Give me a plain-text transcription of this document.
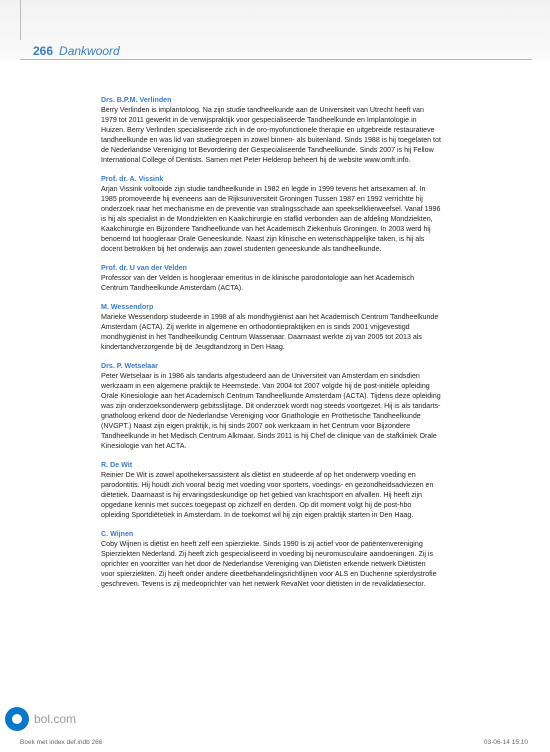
266 Dankwoord
Drs. B.P.M. Verlinden
Berry Verlinden is implantoloog. Na zijn studie tandheelkunde aan de Universiteit van Utrecht heeft van 1979 tot 2011 gewerkt in de verwijspraktijk voor gespecialiseerde Tandheelkunde en Implantologie in Huizen. Berry Verlinden specialiseerde zich in de oro-myofunctionele therapie en uitgebreide restauratieve tandheelkunde en was lid van studiegroepen in zowel binnen- als buitenland. Sinds 1988 is hij toegelaten tot de Nederlandse Vereniging tot Bevordering der Gespecialiseerde Tandheelkunde. Sinds 2007 is hij Fellow International College of Dentists. Samen met Peter Helderop beheert hij de website www.omft.info.
Prof. dr. A. Vissink
Arjan Vissink voltooide zijn studie tandheelkunde in 1982 en legde in 1999 tevens het artsexamen af. In 1985 promoveerde hij eveneens aan de Rijksuniversiteit Groningen Tussen 1987 en 1992 verrichtte hij onderzoek naar het mechanisme en de preventie van stralingsschade aan speekselklierweefsel. Vanaf 1996 is hij als specialist in de Mondziekten en Kaakchirurgie en staflid verbonden aan de afdeling Mondziekten, Kaakchirurgie en Bijzondere Tandheelkunde van het Academisch Ziekenhuis Groningen. In 2003 werd hij benoemd tot hoogleraar Orale Geneeskunde. Naast zijn klinische en wetenschappelijke taken, is hij als docent betrokken bij het onderwijs aan zowel studenten geneeskunde als tandheelkunde.
Prof. dr. U van der Velden
Professor van der Velden is hoogleraar emeritus in de klinische parodontologie aan het Academisch Centrum Tandheelkunde Amsterdam (ACTA).
M. Wessendorp
Marieke Wessendorp studeerde in 1998 af als mondhygiënist aan het Academisch Centrum Tandheelkunde Amsterdam (ACTA). Zij werkte in algemene en orthodontiepraktijken en is sinds 2001 vrijgevestigd mondhygiënist in het Tandheelkundig Centrum Wassenaar. Daarnaast werkte zij van 2005 tot 2013 als kindertandverzorgende bij de Jeugdtandzorg in Den Haag.
Drs. P. Wetselaar
Peter Wetselaar is in 1986 als tandarts afgestudeerd aan de Universiteit van Amsterdam en sindsdien werkzaam in een algemene praktijk te Heemstede. Van 2004 tot 2007 volgde hij de post-initiële opleiding Orale Kinesiologie aan het Academisch Centrum Tandheelkunde Amsterdam (ACTA). Tijdens deze opleiding was zijn onderzoeksonderwerp gebitsslijtage. Dit onderzoek wordt nog steeds voortgezet. Hij is als tandarts-gnatholoog erkend door de Nederlandse Vereniging voor Gnathologie en Prothetische Tandheelkunde (NVGPT.) Naast zijn eigen praktijk, is hij sinds 2007 ook werkzaam in het Centrum voor Bijzondere Tandheelkunde in het Medisch Centrum Alkmaar. Sinds 2011 is hij Chef de clinique van de stafkliniek Orale Kinesiologie van het ACTA.
R. De Wit
Reinier De Wit is zowel apothekersassistent als diëtist en studeerde af op het onderwerp voeding en parodontitis. Hij houdt zich vooral bezig met voeding voor sporters, voedings- en gezondheidsadviezen en diëtetiek. Daarnaast is hij ervaringsdeskundige op het gebied van krachtsport en afvallen. Hij heeft zijn opgedane kennis met succes toegepast op zichzelf en derden. Op dit moment volgt hij de post-hbo opleiding Sportdiëtetiek in Amsterdam. In de toekomst wil hij zijn eigen praktijk starten in Den Haag.
C. Wijnen
Coby Wijnen is diëtist en heeft zelf een spierziekte. Sinds 1990 is zij actief voor de patiëntenvereniging Spierziekten Nederland. Zij heeft zich gespecialiseerd in voeding bij neuromusculaire aandoeningen. Zij is oprichter en voorzitter van het door de Nederlandse Vereniging van Diëtisten erkende netwerk Diëtisten voor spierziekten. Zij heeft onder andere dieetbehandelingsrichtlijnen voor ALS en Duchenne spierdystrofie geschreven. Tevens is zij medeoprichter van het netwerk RevaNet voor diëtisten in de revalidatiesector.
bol.com
Boek met index def.indb 266	03-06-14 15:10
